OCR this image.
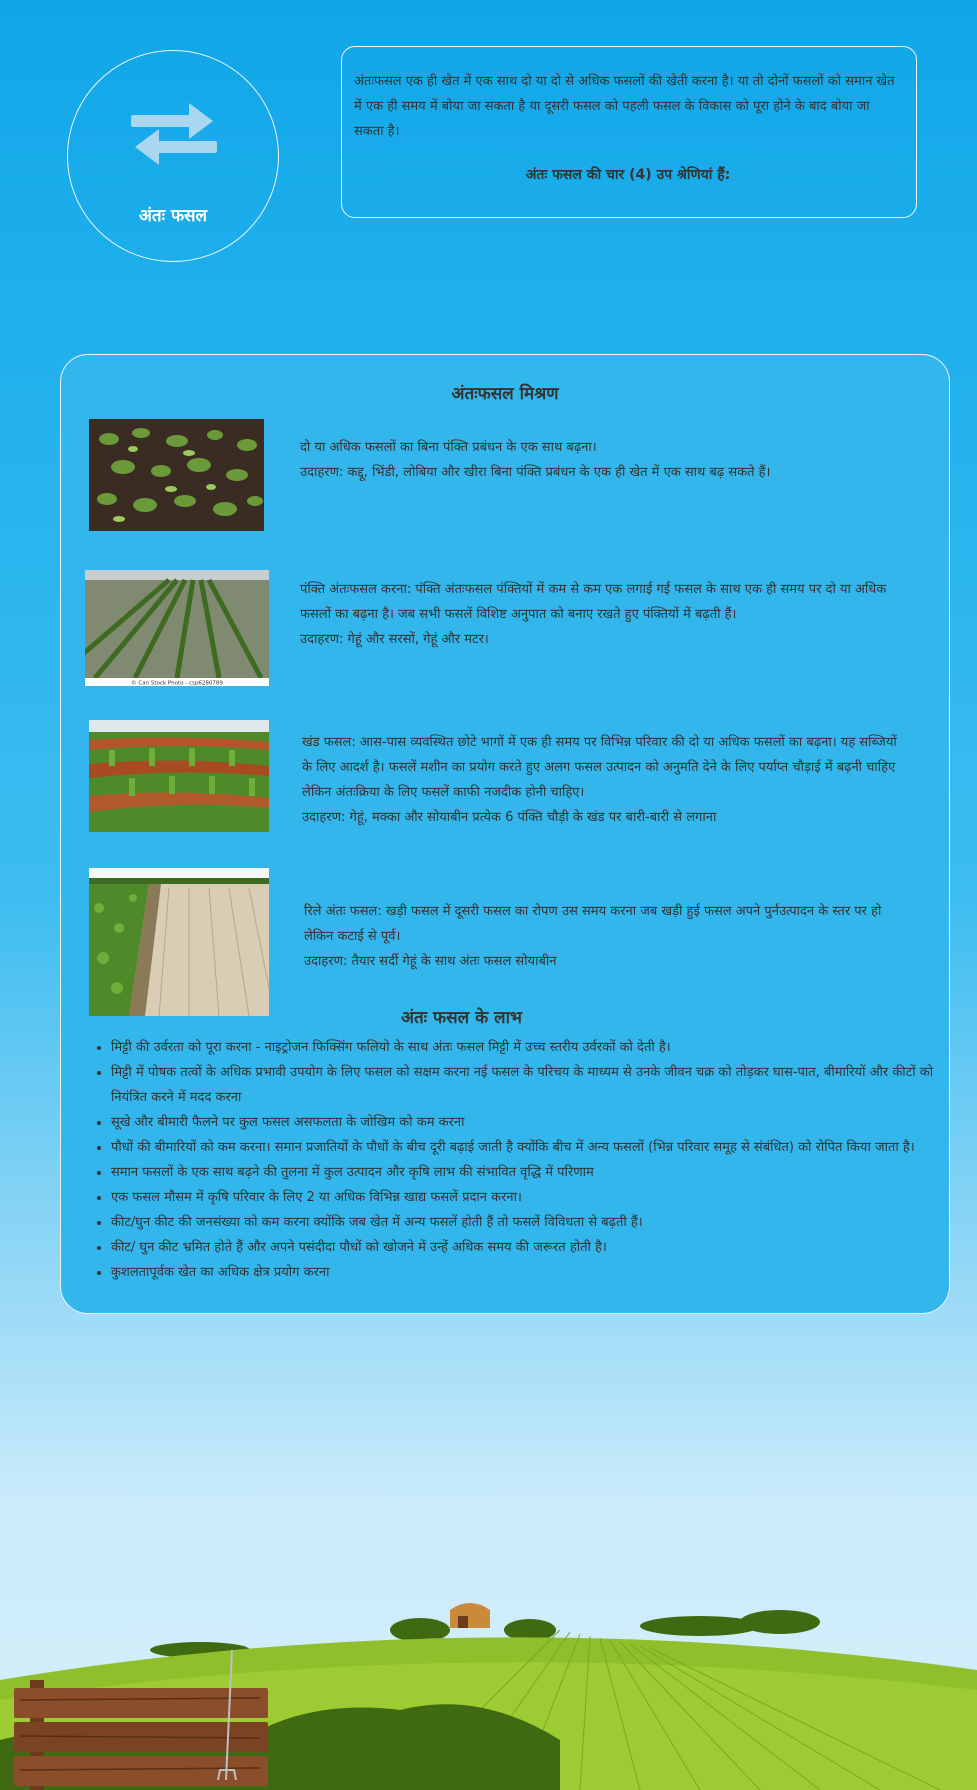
अंतः फसल
अंतःफसल एक ही खेत में एक साथ दो या दो से अधिक फसलों की खेती करना है। या तो दोनों फसलों को समान खेत में एक ही समय में बोया जा सकता है या दूसरी फसल को पहली फसल के विकास को पूरा होने के बाद बोया जा सकता है।
अंतः फसल की चार (4) उप श्रेणियां हैं:
अंतःफसल मिश्रण

दो या अधिक फसलों का बिना पंक्ति प्रबंधन के एक साथ बढ़ना।

उदाहरण: कद्दू, भिंडी, लोबिया और खीरा बिना पंक्ति प्रबंधन के एक ही खेत में एक साथ बढ़ सकते हैं।

© Can Stock Photo - csp6280789

पंक्ति अंतःफसल करना: पंक्ति अंतःफसल पंक्तियों में कम से कम एक लगाई गई फसल के साथ एक ही समय पर दो या अधिक फसलों का बढ़ना है। जब सभी फसलें विशिष्ट अनुपात को बनाए रखते हुए पंक्तियों में बढ़ती हैं।

उदाहरण: गेहूं और सरसों, गेहूं और मटर।

खंड फसल: आस-पास व्यवस्थित छोटे भागों में एक ही समय पर विभिन्न परिवार की दो या अधिक फसलों का बढ़ना। यह सब्जियों के लिए आदर्श है। फसलें मशीन का प्रयोग करते हुए अलग फसल उत्पादन को अनुमति देने के लिए पर्याप्त चौड़ाई में बढ़नी चाहिए लेकिन अंतःक्रिया के लिए फसलें काफी नजदीक होनी चाहिए।

उदाहरण: गेहूं, मक्का और सोयाबीन प्रत्येक 6 पंक्ति चौड़ी के खंड पर बारी-बारी से लगाना

रिले अंतः फसल: खड़ी फसल में दूसरी फसल का रोपण उस समय करना जब खड़ी हुई फसल अपने पुर्नउत्पादन के स्तर पर हो लेकिन कटाई से पूर्व।

उदाहरण: तैयार सर्दी गेहूं के साथ अंतः फसल सोयाबीन

अंतः फसल के लाभ
• मिट्टी की उर्वरता को पूरा करना - नाइट्रोजन फिक्सिंग फलियो के साथ अंतः फसल मिट्टी में उच्च स्तरीय उर्वरकों को देती है।
• मिट्टी में पोषक तत्वों के अधिक प्रभावी उपयोग के लिए फसल को सक्षम करना नई फसल के परिचय के माध्यम से उनके जीवन चक्र को तोड़कर घास-पात, बीमारियों और कीटों को नियंत्रित करने में मदद करना
• सूखे और बीमारी फैलने पर कुल फसल असफलता के जोखिम को कम करना
• पौधों की बीमारियों को कम करना। समान प्रजातियों के पौधों के बीच दूरी बढ़ाई जाती है क्योंकि बीच में अन्य फसलों (भिन्न परिवार समूह से संबंधित) को रोपित किया जाता है।
• समान फसलों के एक साथ बढ़ने की तुलना में कुल उत्पादन और कृषि लाभ की संभावित वृद्धि में परिणाम
• एक फसल मौसम में कृषि परिवार के लिए 2 या अधिक विभिन्न खाद्य फसलें प्रदान करना।
• कीट/घुन कीट की जनसंख्या को कम करना क्योंकि जब खेत में अन्य फसलें होती हैं तो फसलें विविधता से बढ़ती हैं।
• कीट/ घुन कीट भ्रमित होते हैं और अपने पसंदीदा पौधों को खोजने में उन्हें अधिक समय की जरूरत होती है।
• कुशलतापूर्वक खेत का अधिक क्षेत्र प्रयोग करना
